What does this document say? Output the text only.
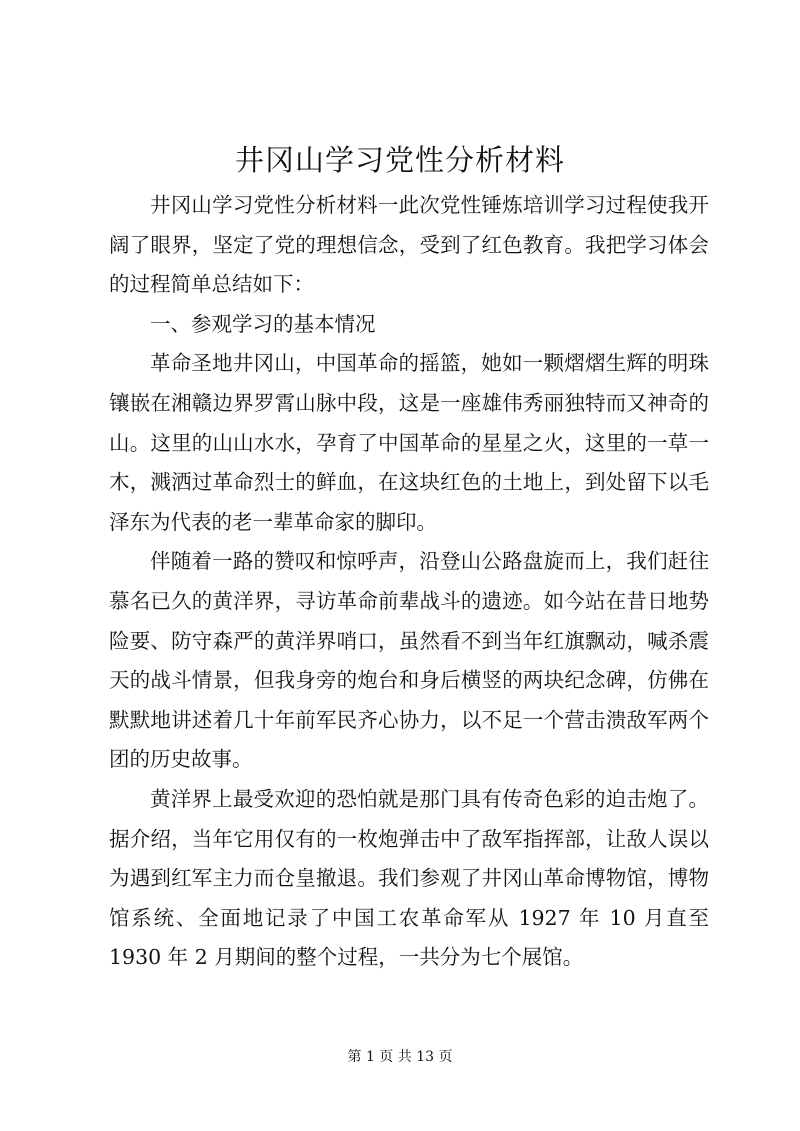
井冈山学习党性分析材料

井冈山学习党性分析材料一此次党性锤炼培训学习过程使我开阔了眼界，坚定了党的理想信念，受到了红色教育。我把学习体会的过程简单总结如下：

一、参观学习的基本情况

革命圣地井冈山，中国革命的摇篮，她如一颗熠熠生辉的明珠镶嵌在湘赣边界罗霄山脉中段，这是一座雄伟秀丽独特而又神奇的山。这里的山山水水，孕育了中国革命的星星之火，这里的一草一木，溅洒过革命烈士的鲜血，在这块红色的土地上，到处留下以毛泽东为代表的老一辈革命家的脚印。

伴随着一路的赞叹和惊呼声，沿登山公路盘旋而上，我们赶往慕名已久的黄洋界，寻访革命前辈战斗的遗迹。如今站在昔日地势险要、防守森严的黄洋界哨口，虽然看不到当年红旗飘动，喊杀震天的战斗情景，但我身旁的炮台和身后横竖的两块纪念碑，仿佛在默默地讲述着几十年前军民齐心协力，以不足一个营击溃敌军两个团的历史故事。

黄洋界上最受欢迎的恐怕就是那门具有传奇色彩的迫击炮了。据介绍，当年它用仅有的一枚炮弹击中了敌军指挥部，让敌人误以为遇到红军主力而仓皇撤退。我们参观了井冈山革命博物馆，博物馆系统、全面地记录了中国工农革命军从 1927 年 10 月直至 1930 年 2 月期间的整个过程，一共分为七个展馆。

第 1 页 共 13 页
